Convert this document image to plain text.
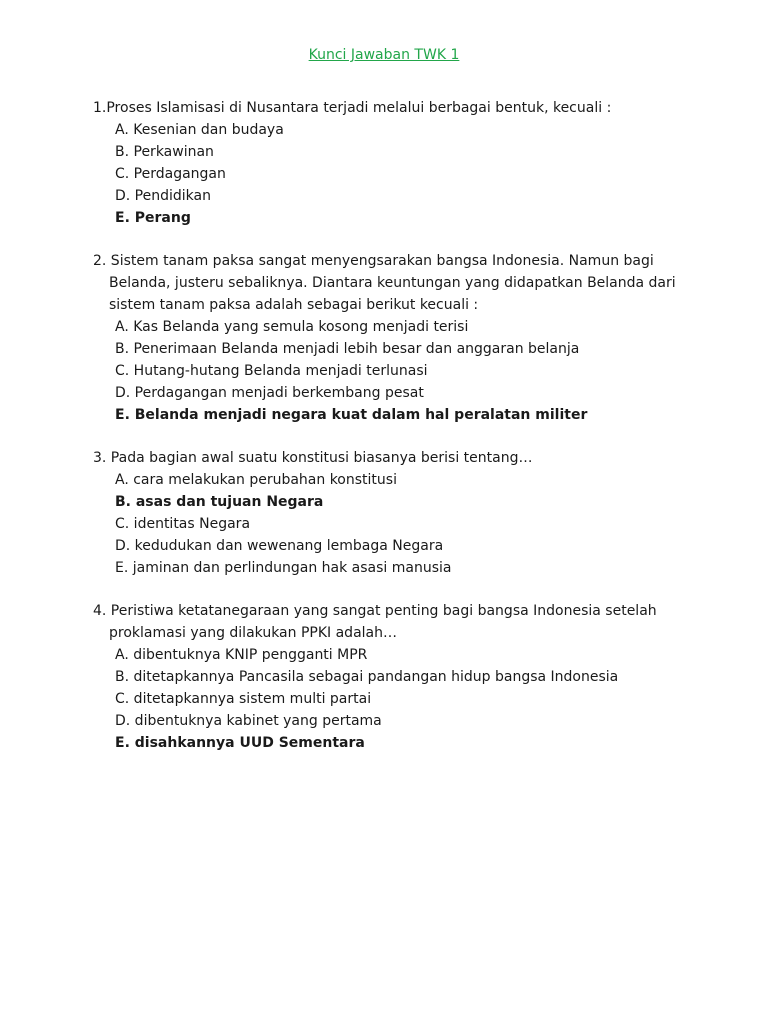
Kunci Jawaban TWK 1
1.Proses Islamisasi di Nusantara terjadi melalui berbagai bentuk, kecuali :
A. Kesenian dan budaya
B. Perkawinan
C. Perdagangan
D. Pendidikan
E. Perang
2. Sistem tanam paksa sangat menyengsarakan bangsa Indonesia. Namun bagi
Belanda, justeru sebaliknya. Diantara keuntungan yang didapatkan Belanda dari
sistem tanam paksa adalah sebagai berikut kecuali :
A. Kas Belanda yang semula kosong menjadi terisi
B. Penerimaan Belanda menjadi lebih besar dan anggaran belanja
C. Hutang-hutang Belanda menjadi terlunasi
D. Perdagangan menjadi berkembang pesat
E. Belanda menjadi negara kuat dalam hal peralatan militer
3. Pada bagian awal suatu konstitusi biasanya berisi tentang…
A. cara melakukan perubahan konstitusi
B. asas dan tujuan Negara
C. identitas Negara
D. kedudukan dan wewenang lembaga Negara
E. jaminan dan perlindungan hak asasi manusia
4. Peristiwa ketatanegaraan yang sangat penting bagi bangsa Indonesia setelah
proklamasi yang dilakukan PPKI adalah…
A. dibentuknya KNIP pengganti MPR
B. ditetapkannya Pancasila sebagai pandangan hidup bangsa Indonesia
C. ditetapkannya sistem multi partai
D. dibentuknya kabinet yang pertama
E. disahkannya UUD Sementara
